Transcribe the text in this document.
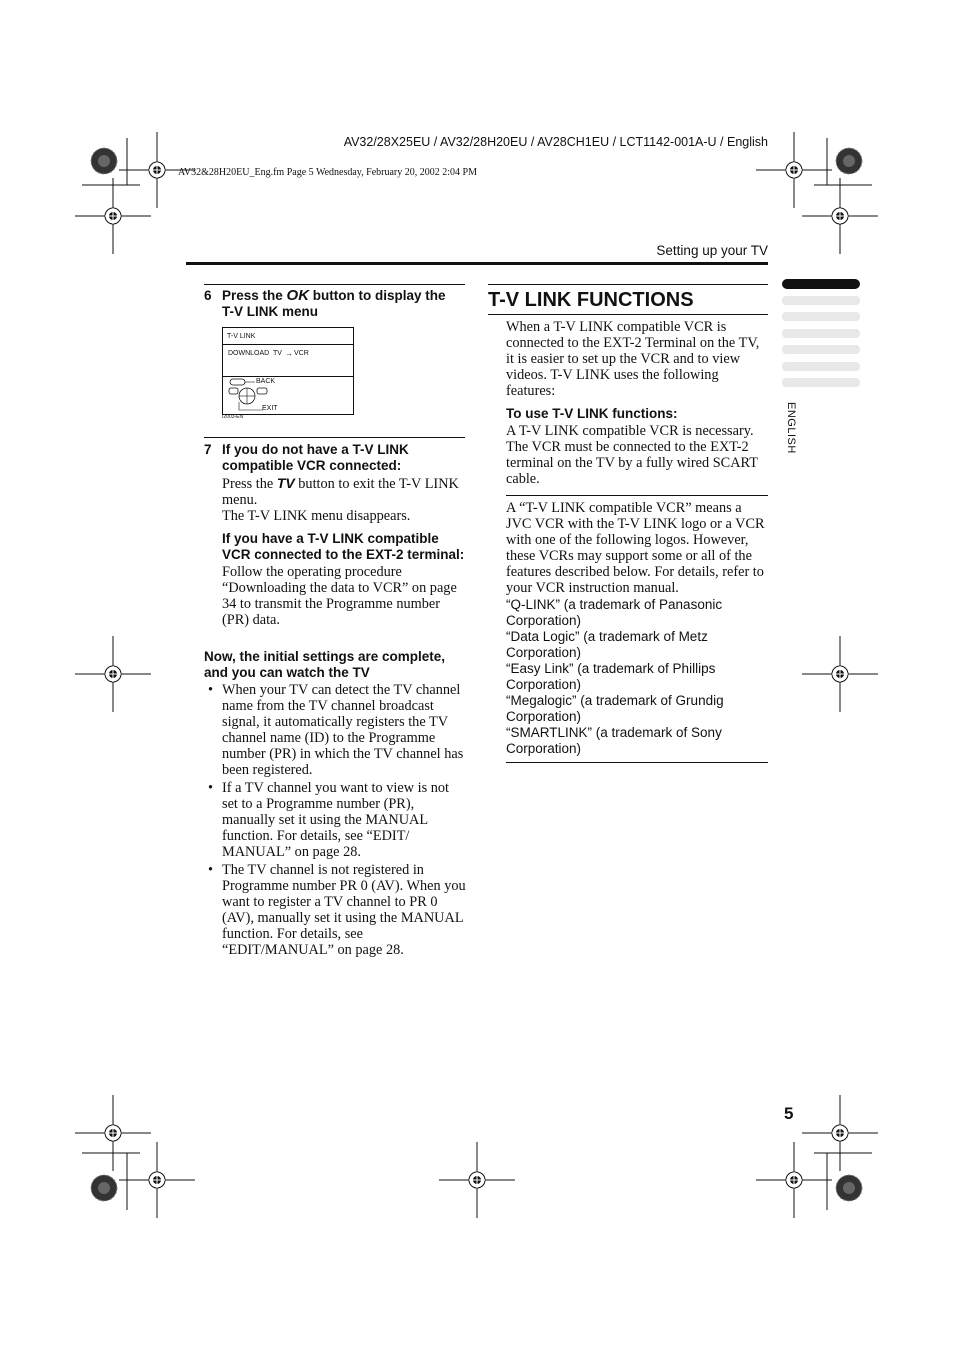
AV32/28X25EU / AV32/28H20EU / AV28CH1EU / LCT1142-001A-U / English
AV32&28H20EU_Eng.fm Page 5 Wednesday, February 20, 2002 2:04 PM
Setting up your TV
ENGLISH
6 Press the OK button to display the
T-V LINK menu
T-V LINK
DOWNLOAD TV → VCR
BACK
EXIT
I2003-EN
7 If you do not have a T-V LINK compatible VCR connected:
Press the TV button to exit the T-V LINK menu.
The T-V LINK menu disappears.
If you have a T-V LINK compatible VCR connected to the EXT-2 terminal:
Follow the operating procedure “Downloading the data to VCR” on page 34 to transmit the Programme number (PR) data.
Now, the initial settings are complete, and you can watch the TV
• When your TV can detect the TV channel name from the TV channel broadcast signal, it automatically registers the TV channel name (ID) to the Programme number (PR) in which the TV channel has been registered.
• If a TV channel you want to view is not set to a Programme number (PR), manually set it using the MANUAL function. For details, see “EDIT/ MANUAL” on page 28.
• The TV channel is not registered in Programme number PR 0 (AV). When you want to register a TV channel to PR 0 (AV), manually set it using the MANUAL function. For details, see “EDIT/MANUAL” on page 28.
T-V LINK FUNCTIONS
When a T-V LINK compatible VCR is connected to the EXT-2 Terminal on the TV, it is easier to set up the VCR and to view videos. T-V LINK uses the following features:
To use T-V LINK functions:
A T-V LINK compatible VCR is necessary. The VCR must be connected to the EXT-2 terminal on the TV by a fully wired SCART cable.
A “T-V LINK compatible VCR” means a JVC VCR with the T-V LINK logo or a VCR with one of the following logos. However, these VCRs may support some or all of the features described below. For details, refer to your VCR instruction manual.
“Q-LINK” (a trademark of Panasonic Corporation)
“Data Logic” (a trademark of Metz Corporation)
“Easy Link” (a trademark of Phillips Corporation)
“Megalogic” (a trademark of Grundig Corporation)
“SMARTLINK” (a trademark of Sony Corporation)
5
